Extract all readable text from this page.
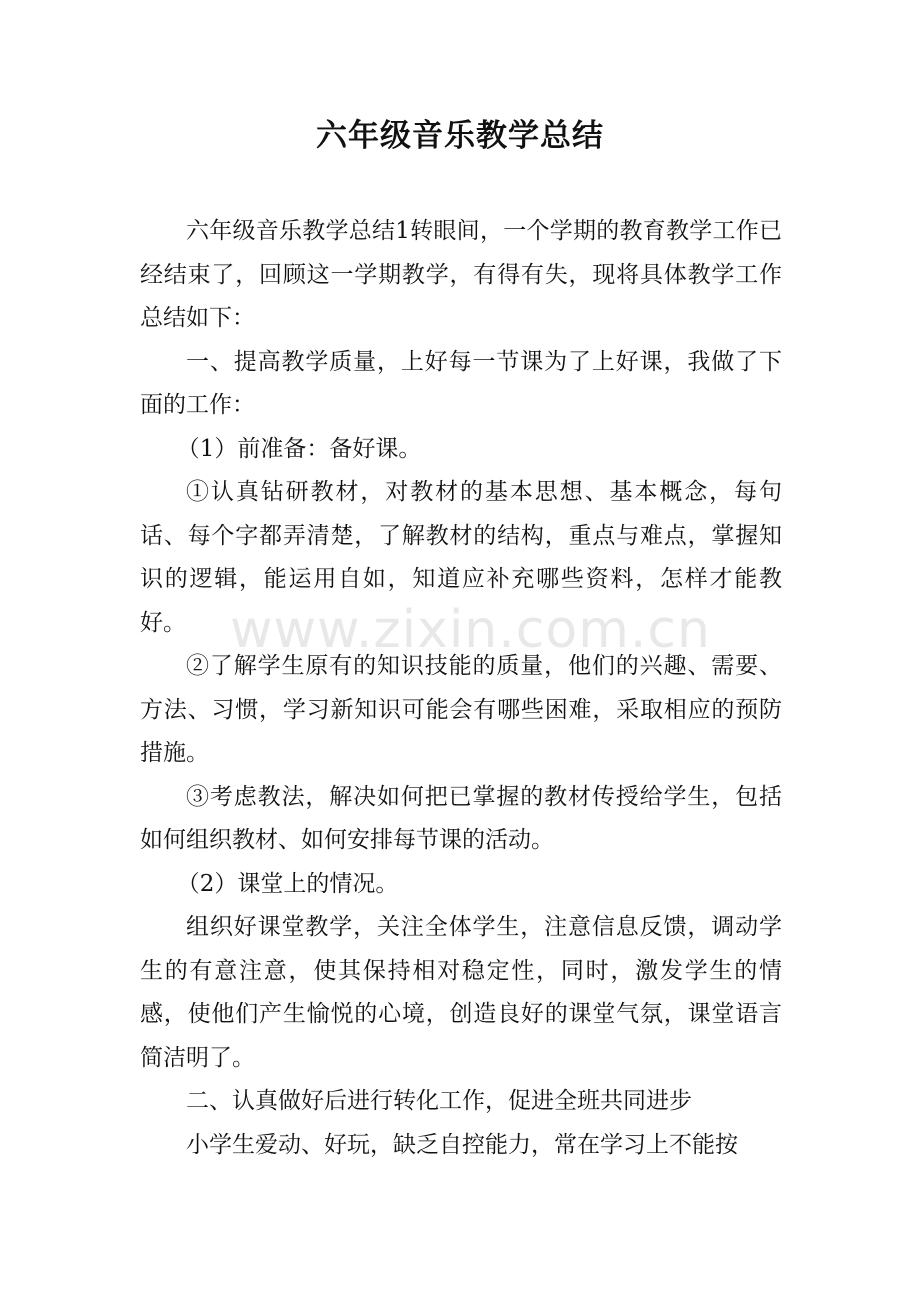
六年级音乐教学总结

六年级音乐教学总结1转眼间，一个学期的教育教学工作已经结束了，回顾这一学期教学，有得有失，现将具体教学工作总结如下：

一、提高教学质量，上好每一节课为了上好课，我做了下面的工作：

（1）前准备：备好课。

①认真钻研教材，对教材的基本思想、基本概念，每句话、每个字都弄清楚，了解教材的结构，重点与难点，掌握知识的逻辑，能运用自如，知道应补充哪些资料，怎样才能教好。

②了解学生原有的知识技能的质量，他们的兴趣、需要、方法、习惯，学习新知识可能会有哪些困难，采取相应的预防措施。

③考虑教法，解决如何把已掌握的教材传授给学生，包括如何组织教材、如何安排每节课的活动。

（2）课堂上的情况。

组织好课堂教学，关注全体学生，注意信息反馈，调动学生的有意注意，使其保持相对稳定性，同时，激发学生的情感，使他们产生愉悦的心境，创造良好的课堂气氛，课堂语言简洁明了。

二、认真做好后进行转化工作，促进全班共同进步

小学生爱动、好玩，缺乏自控能力，常在学习上不能按

www.zixin.com.cn
